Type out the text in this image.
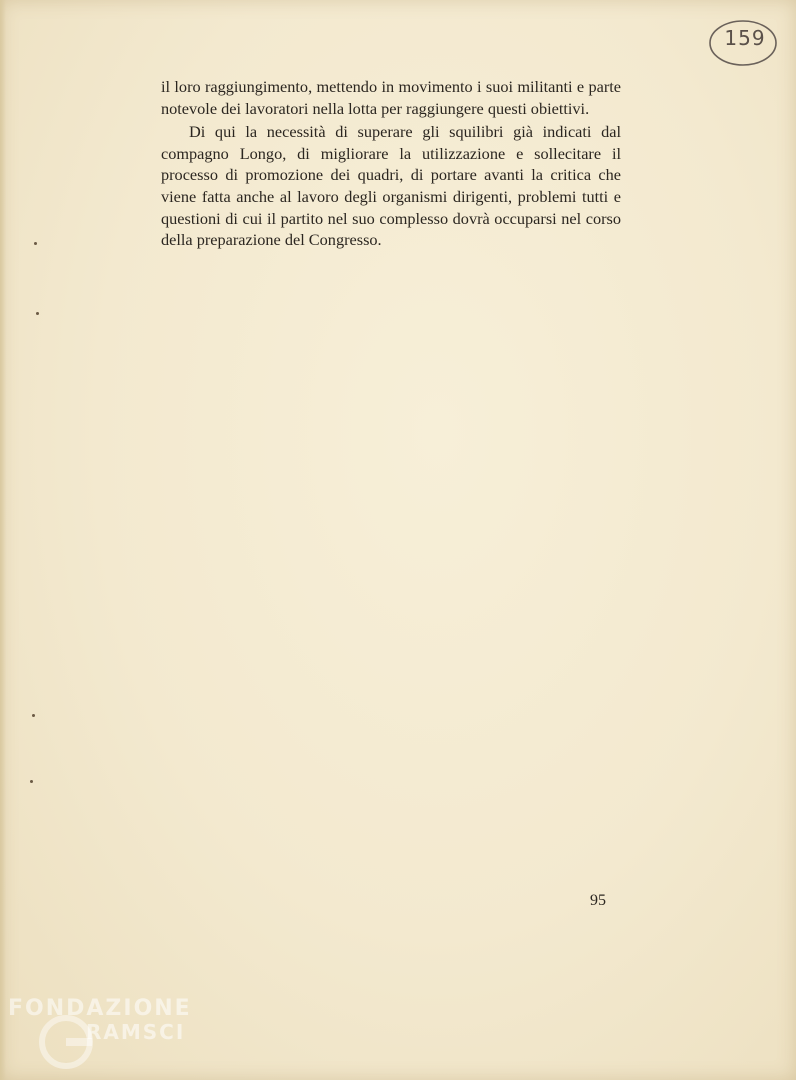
159

il loro raggiungimento, mettendo in movimento i suoi militanti e parte notevole dei lavoratori nella lotta per raggiungere questi obiettivi.

Di qui la necessità di superare gli squilibri già indicati dal compagno Longo, di migliorare la utilizzazione e sollecitare il processo di promozione dei quadri, di portare avanti la critica che viene fatta anche al lavoro degli organismi dirigenti, problemi tutti e questioni di cui il partito nel suo complesso dovrà occuparsi nel corso della preparazione del Congresso.

95
FONDAZIONE
RAMSCI
